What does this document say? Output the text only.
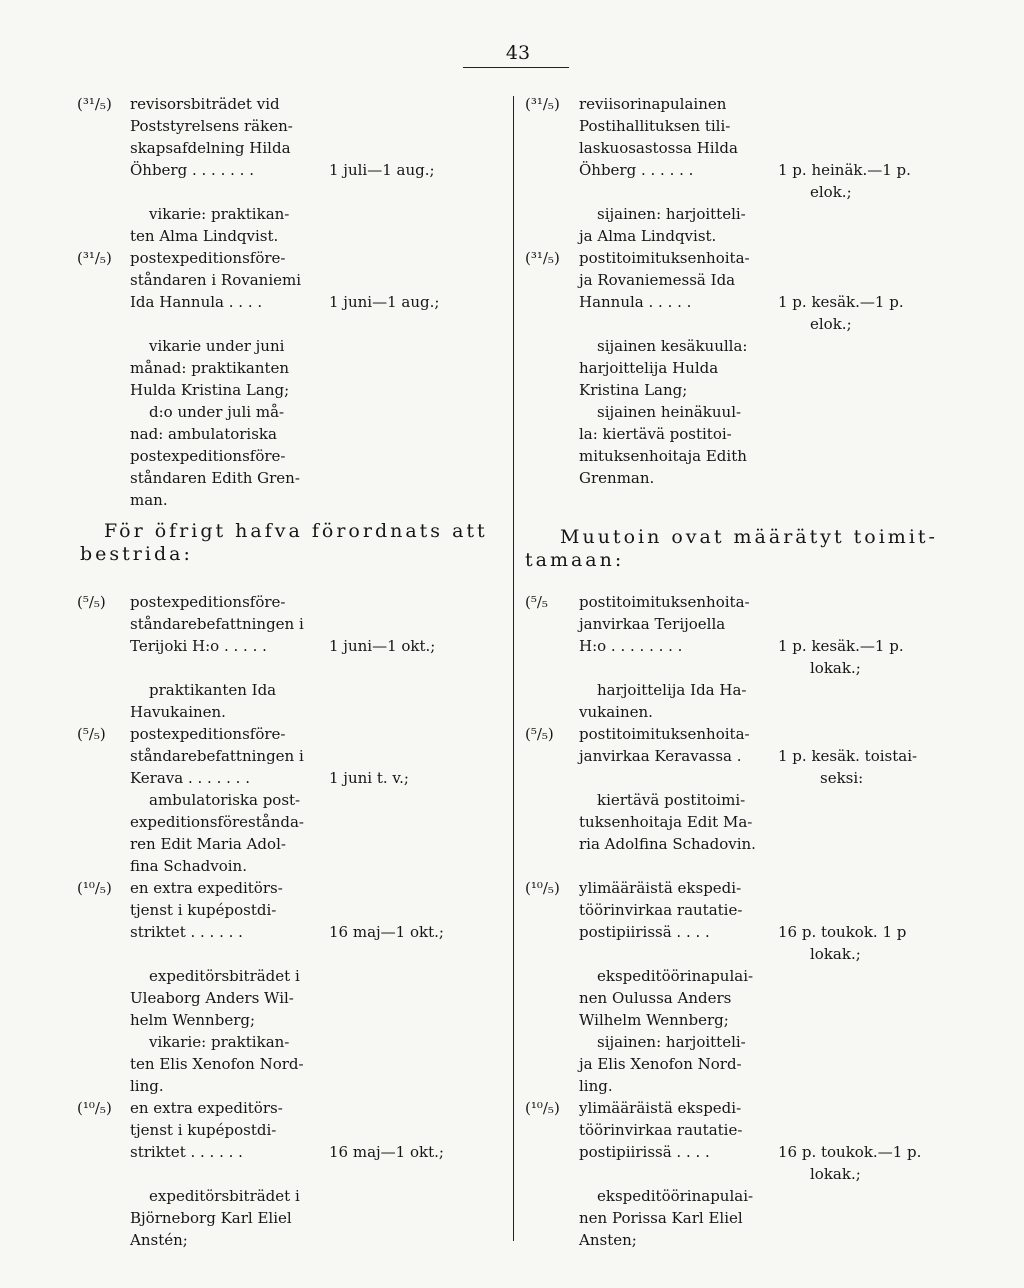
43
För öfrigt hafva förordnats att
bestrida:
Muutoin ovat määrätyt toimit-
tamaan:
(³¹/₅) revisorsbiträdet vid
Poststyrelsens räken-
skapsafdelning Hilda
Öhberg . . . . . . .	1 juli—1 aug.;
vikarie: praktikan-
ten Alma Lindqvist.
(³¹/₅) postexpeditionsföre-
ståndaren i Rovaniemi
Ida Hannula . . . .	1 juni—1 aug.;
vikarie under juni
månad: praktikanten
Hulda Kristina Lang;
d:o under juli må-
nad: ambulatoriska
postexpeditionsföre-
ståndaren Edith Gren-
man.
(⁵/₅) postexpeditionsföre-
ståndarebefattningen i
Terijoki H:o . . . . .	1 juni—1 okt.;
praktikanten Ida
Havukainen.
(⁵/₅) postexpeditionsföre-
ståndarebefattningen i
Kerava . . . . . . .	1 juni t. v.;
ambulatoriska post-
expeditionsförestånda-
ren Edit Maria Adol-
fina Schadvoin.
(¹⁰/₅) en extra expeditörs-
tjenst i kupépostdi-
striktet . . . . . .	16 maj—1 okt.;
expeditörsbiträdet i
Uleaborg Anders Wil-
helm Wennberg;
vikarie: praktikan-
ten Elis Xenofon Nord-
ling.
(¹⁰/₅) en extra expeditörs-
tjenst i kupépostdi-
striktet . . . . . .	16 maj—1 okt.;
expeditörsbiträdet i
Björneborg Karl Eliel
Anstén;
(³¹/₅) reviisorinapulainen
Postihallituksen tili-
laskuosastossa Hilda
Öhberg . . . . . .	1 p. heinäk.—1 p.
elok.;
sijainen: harjoitteli-
ja Alma Lindqvist.
(³¹/₅) postitoimituksenhoita-
ja Rovaniemessä Ida
Hannula . . . . .	1 p. kesäk.—1 p.
elok.;
sijainen kesäkuulla:
harjoittelija Hulda
Kristina Lang;
sijainen heinäkuul-
la: kiertävä postitoi-
mituksenhoitaja Edith
Grenman.
(⁵/₅ postitoimituksenhoita-
janvirkaa Terijoella
H:o . . . . . . . .	1 p. kesäk.—1 p.
lokak.;
harjoittelija Ida Ha-
vukainen.
(⁵/₅) postitoimituksenhoita-
janvirkaa Keravassa . 1 p. kesäk. toistai-
seksi:
kiertävä postitoimi-
tuksenhoitaja Edit Ma-
ria Adolfina Schadovin.
(¹⁰/₅) ylimääräistä ekspedi-
töörinvirkaa rautatie-
postipiirissä . . . .	16 p. toukok. 1 p
lokak.;
ekspeditöörinapulai-
nen Oulussa Anders
Wilhelm Wennberg;
sijainen: harjoitteli-
ja Elis Xenofon Nord-
ling.
(¹⁰/₅) ylimääräistä ekspedi-
töörinvirkaa rautatie-
postipiirissä . . . .	16 p. toukok.—1 p.
lokak.;
ekspeditöörinapulai-
nen Porissa Karl Eliel
Ansten;
